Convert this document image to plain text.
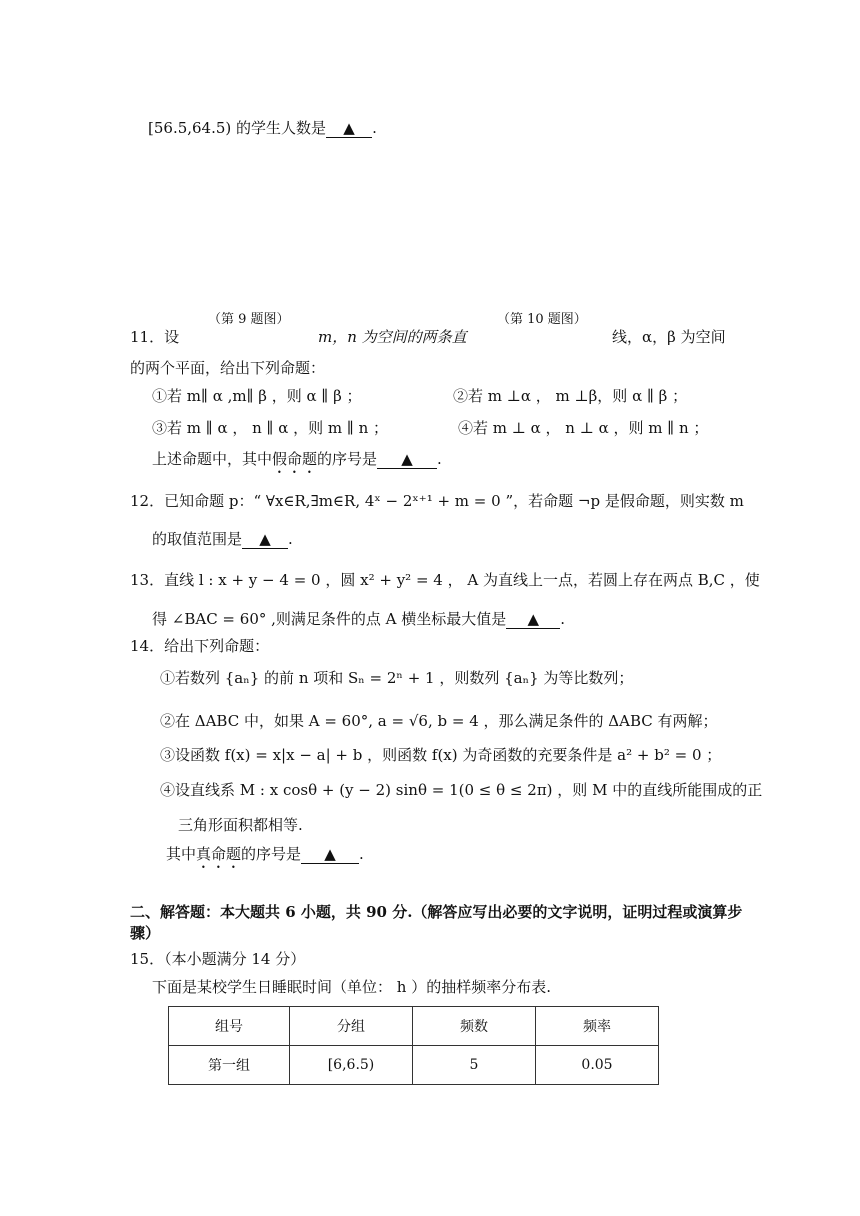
[56.5,64.5) 的学生人数是 ▲ .
（第 9 题图）	（第 10 题图）
11．设	m，n 为空间的两条直	线，α，β 为空间
的两个平面，给出下列命题：
①若 m∥ α ,m∥ β ，则 α ∥ β ；	②若 m ⊥α ， m ⊥β，则 α ∥ β ；
③若 m ∥ α ， n ∥ α ，则 m ∥ n ；	④若 m ⊥ α ， n ⊥ α ，则 m ∥ n ；
上述命题中，其中假命题的序号是 ▲ .
12．已知命题 p：“ ∀x∈R,∃m∈R, 4ˣ − 2ˣ⁺¹ + m = 0 ”，若命题 ¬p 是假命题，则实数 m
的取值范围是 ▲ .
13．直线 l : x + y − 4 = 0 ，圆 x² + y² = 4 ， A 为直线上一点，若圆上存在两点 B,C ，使
得 ∠BAC = 60° ,则满足条件的点 A 横坐标最大值是 ▲ .
14．给出下列命题：
①若数列 {aₙ} 的前 n 项和 Sₙ = 2ⁿ + 1 ，则数列 {aₙ} 为等比数列；
②在 ΔABC 中，如果 A = 60°, a = √6, b = 4 ，那么满足条件的 ΔABC 有两解；
③设函数 f(x) = x|x − a| + b ，则函数 f(x) 为奇函数的充要条件是 a² + b² = 0 ；
④设直线系 M : x cosθ + (y − 2) sinθ = 1(0 ≤ θ ≤ 2π) ，则 M 中的直线所能围成的正
三角形面积都相等.
其中真命题的序号是 ▲ .
二、解答题：本大题共 6 小题，共 90 分.（解答应写出必要的文字说明，证明过程或演算步
骤）
15．（本小题满分 14 分）
下面是某校学生日睡眠时间（单位： h ）的抽样频率分布表.
组号	分组	频数	频率
第一组	[6,6.5)	5	0.05
